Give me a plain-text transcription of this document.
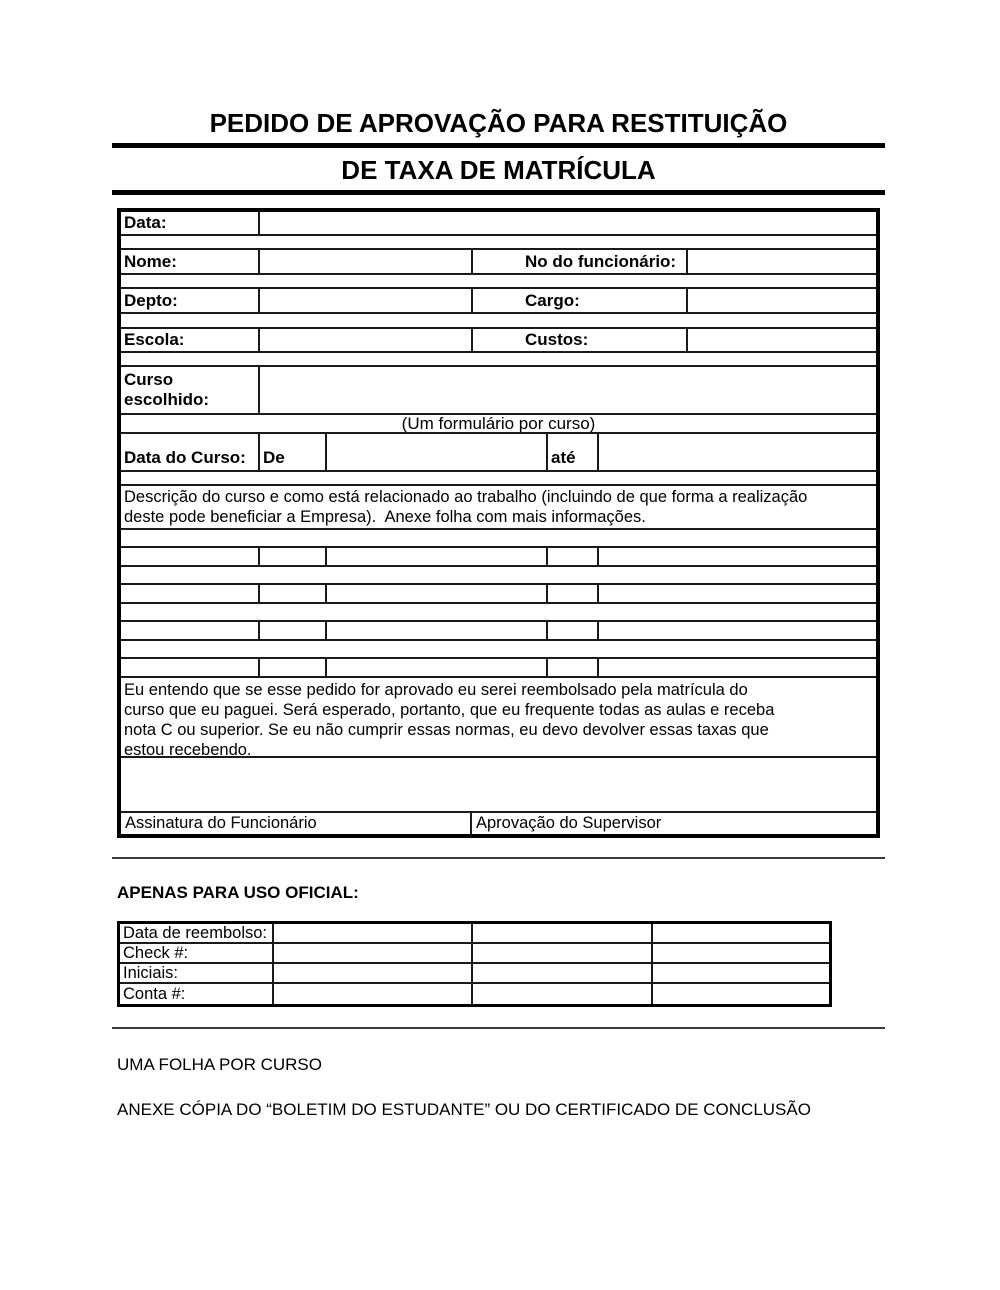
PEDIDO DE APROVAÇÃO PARA RESTITUIÇÃO
DE TAXA DE MATRÍCULA
Data:
Nome:	No do funcionário:
Depto:	Cargo:
Escola:	Custos:
Curso escolhido:
(Um formulário por curso)
Data do Curso:	De	até
Descrição do curso e como está relacionado ao trabalho (incluindo de que forma a realização deste pode beneficiar a Empresa).  Anexe folha com mais informações.
Eu entendo que se esse pedido for aprovado eu serei reembolsado pela matrícula do curso que eu paguei. Será esperado, portanto, que eu frequente todas as aulas e receba nota C ou superior. Se eu não cumprir essas normas, eu devo devolver essas taxas que estou recebendo.
Assinatura do Funcionário	Aprovação do Supervisor
APENAS PARA USO OFICIAL:
Data de reembolso:
Check #:
Iniciais:
Conta #:
UMA FOLHA POR CURSO
ANEXE CÓPIA DO “BOLETIM DO ESTUDANTE” OU DO CERTIFICADO DE CONCLUSÃO
